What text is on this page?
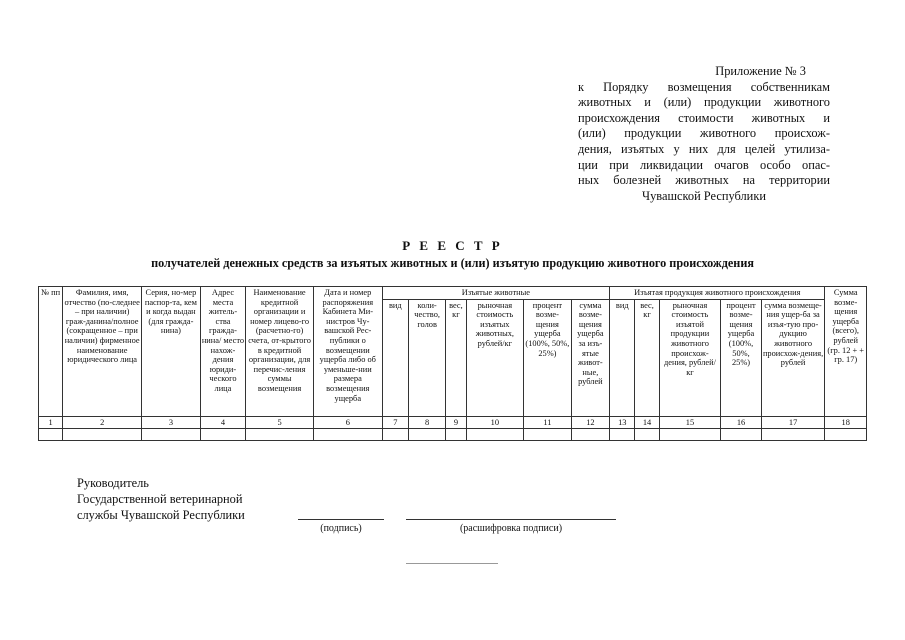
Приложение № 3
к Порядку возмещения собственникам
животных и (или) продукции животного
происхождения стоимости животных и
(или) продукции животного происхож-
дения, изъятых у них для целей утилиза-
ции при ликвидации очагов особо опас-
ных болезней животных на территории
Чувашской Республики
Р Е Е С Т Р
получателей денежных средств за изъятых животных и (или) изъятую продукцию животного происхождения
№ пп	Фамилия, имя, отчество (по-следнее – при наличии) граж-данина/полное (сокращенное – при наличии) фирменное наименование юридического лица	Серия, но-мер паспор-та, кем и когда выдан (для гражда-нина)	Адрес места житель-ства гражда-нина/ место нахож-дения юриди-ческого лица	Наименование кредитной организации и номер лицево-го (расчетно-го) счета, от-крытого в кредитной организации, для перечис-ления суммы возмещения	Дата и номер распоряжения Кабинета Ми-нистров Чу-вашской Рес-публики о возмещении ущерба либо об уменьше-нии размера возмещения ущерба	Изъятые животные						Изъятая продукция животного происхождения					Сумма возме-щения ущерба (всего), рублей (гр. 12 + + гр. 17)
						вид	коли-чество, голов	вес, кг	рыночная стоимость изъятых животных, рублей/кг	процент возме-щения ущерба (100%, 50%, 25%)	сумма возме-щения ущерба за изъ-ятые живот-ные, рублей	вид	вес, кг	рыночная стоимость изъятой продукции животного происхож-дения, рублей/кг	процент возме-щения ущерба (100%, 50%, 25%)	сумма возмеще-ния ущер-ба за изъя-тую про-дукцию животного происхож-дения, рублей	
1	2	3	4	5	6	7	8	9	10	11	12	13	14	15	16	17	18

Руководитель
Государственной ветеринарной
службы Чувашской Республики
(подпись)	(расшифровка подписи)
